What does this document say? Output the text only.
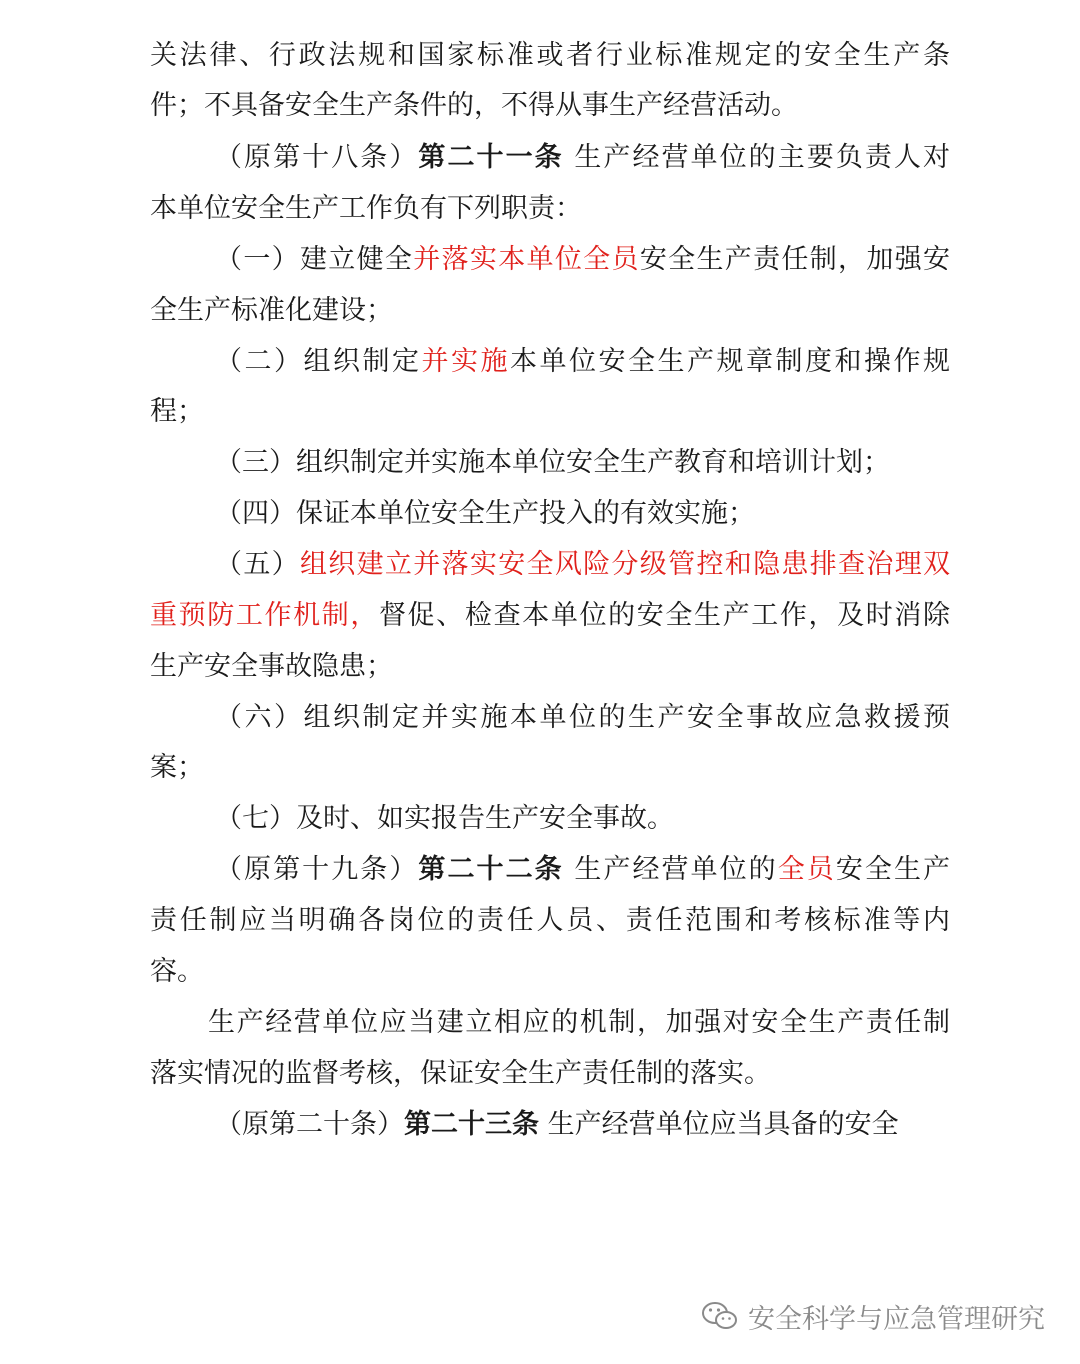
关法律、行政法规和国家标准或者行业标准规定的安全生产条
件；不具备安全生产条件的，不得从事生产经营活动。
（原第十八条）第二十一条 生产经营单位的主要负责人对
本单位安全生产工作负有下列职责：
（一）建立健全并落实本单位全员安全生产责任制，加强安
全生产标准化建设；
（二）组织制定并实施本单位安全生产规章制度和操作规
程；
（三）组织制定并实施本单位安全生产教育和培训计划；
（四）保证本单位安全生产投入的有效实施；
（五）组织建立并落实安全风险分级管控和隐患排查治理双
重预防工作机制，督促、检查本单位的安全生产工作，及时消除
生产安全事故隐患；
（六）组织制定并实施本单位的生产安全事故应急救援预
案；
（七）及时、如实报告生产安全事故。
（原第十九条）第二十二条 生产经营单位的全员安全生产
责任制应当明确各岗位的责任人员、责任范围和考核标准等内
容。
生产经营单位应当建立相应的机制，加强对安全生产责任制
落实情况的监督考核，保证安全生产责任制的落实。
（原第二十条）第二十三条 生产经营单位应当具备的安全
安全科学与应急管理研究
